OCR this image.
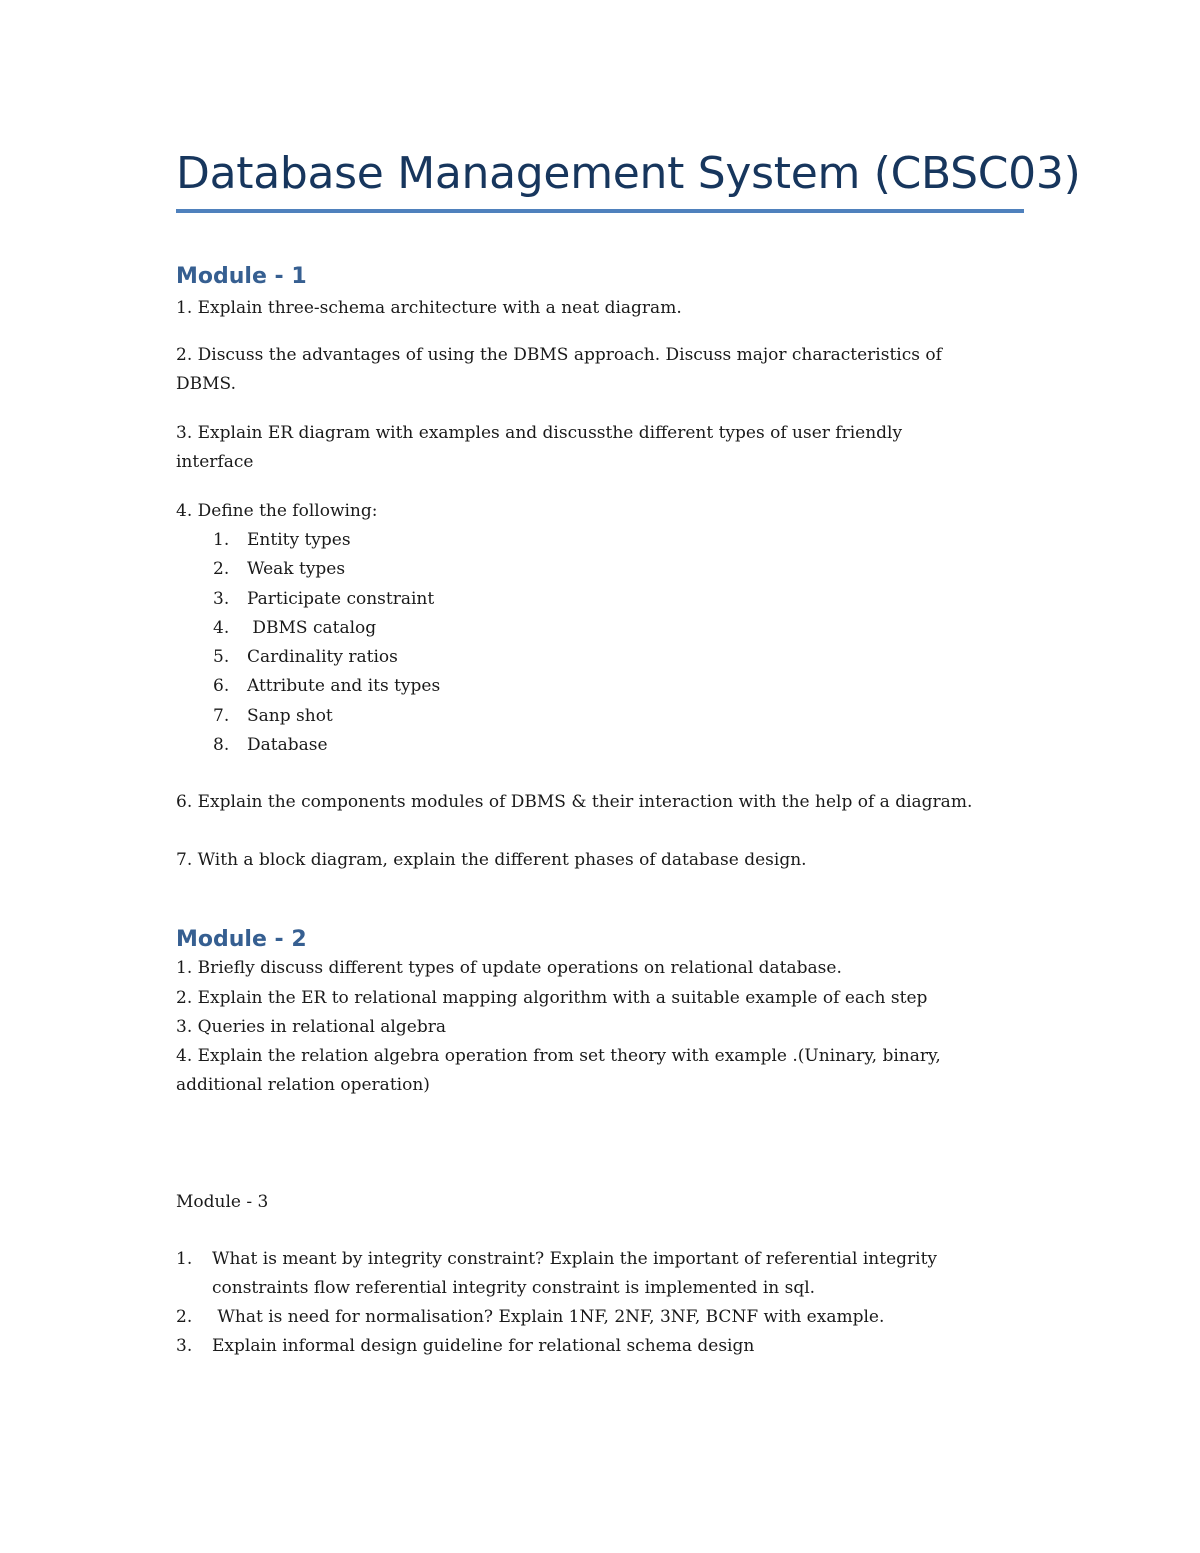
Database Management System (CBSC03)
Module - 1
1. Explain three-schema architecture with a neat diagram.
2. Discuss the advantages of using the DBMS approach. Discuss major characteristics of
DBMS.
3. Explain ER diagram with examples and discussthe different types of user friendly
interface
4. Define the following:
1.	Entity types
2.	Weak types
3.	Participate constraint
4.	DBMS catalog
5.	Cardinality ratios
6.	Attribute and its types
7.	Sanp shot
8.	Database
6. Explain the components modules of DBMS & their interaction with the help of a diagram.
7. With a block diagram, explain the different phases of database design.
Module - 2
1. Briefly discuss different types of update operations on relational database.
2. Explain the ER to relational mapping algorithm with a suitable example of each step
3. Queries in relational algebra
4. Explain the relation algebra operation from set theory with example .(Uninary, binary,
additional relation operation)
Module - 3
1.	What is meant by integrity constraint? Explain the important of referential integrity constraints flow referential integrity constraint is implemented in sql.
2.	What is need for normalisation? Explain 1NF, 2NF, 3NF, BCNF with example.
3.	Explain informal design guideline for relational schema design
